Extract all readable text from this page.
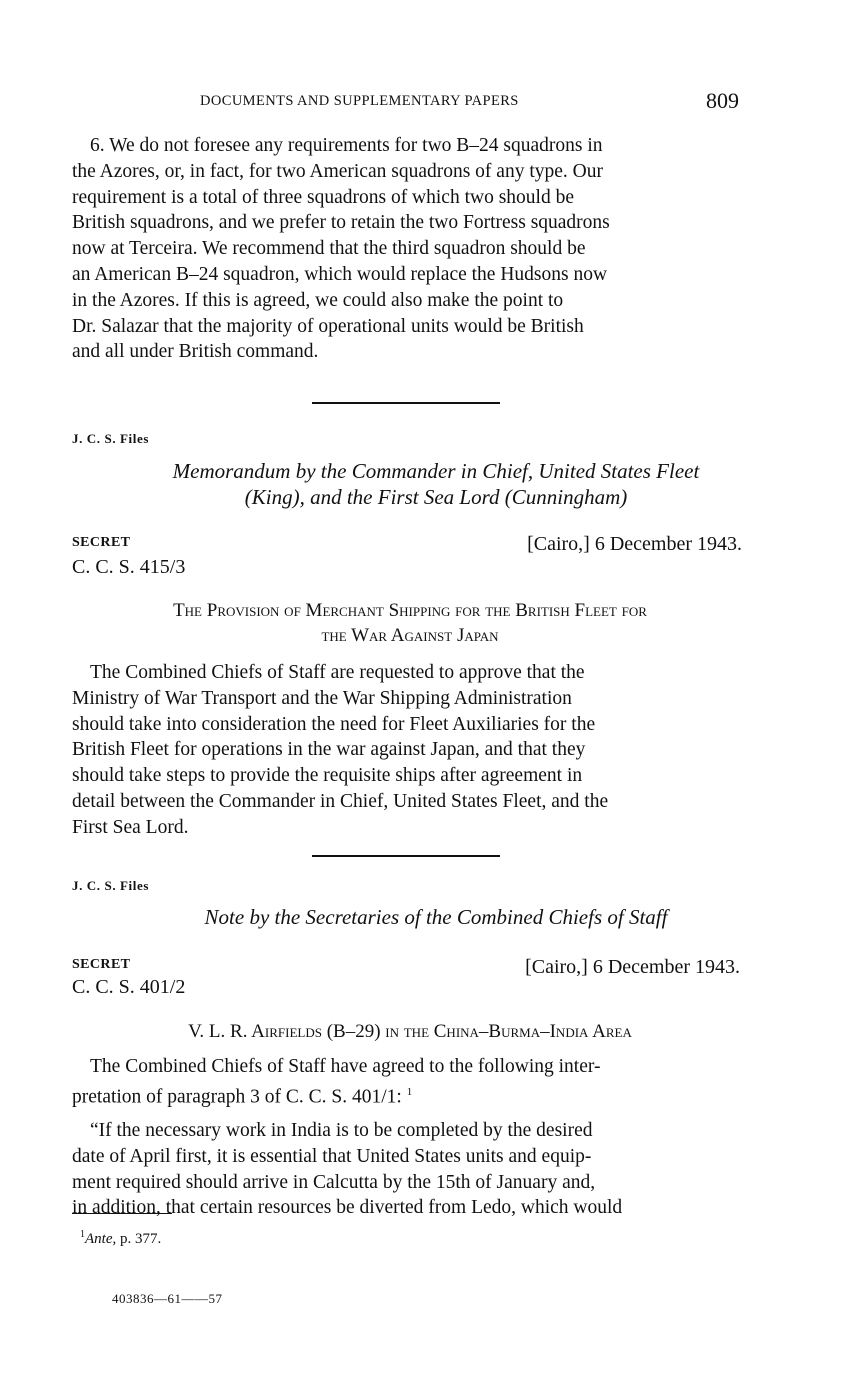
DOCUMENTS AND SUPPLEMENTARY PAPERS	809
6. We do not foresee any requirements for two B–24 squadrons in
the Azores, or, in fact, for two American squadrons of any type. Our
requirement is a total of three squadrons of which two should be
British squadrons, and we prefer to retain the two Fortress squadrons
now at Terceira. We recommend that the third squadron should be
an American B–24 squadron, which would replace the Hudsons now
in the Azores. If this is agreed, we could also make the point to
Dr. Salazar that the majority of operational units would be British
and all under British command.
J. C. S. Files
Memorandum by the Commander in Chief, United States Fleet
(King), and the First Sea Lord (Cunningham)
SECRET	[Cairo,] 6 December 1943.
C. C. S. 415/3
The Provision of Merchant Shipping for the British Fleet for
the War Against Japan
The Combined Chiefs of Staff are requested to approve that the
Ministry of War Transport and the War Shipping Administration
should take into consideration the need for Fleet Auxiliaries for the
British Fleet for operations in the war against Japan, and that they
should take steps to provide the requisite ships after agreement in
detail between the Commander in Chief, United States Fleet, and the
First Sea Lord.
J. C. S. Files
Note by the Secretaries of the Combined Chiefs of Staff
SECRET	[Cairo,] 6 December 1943.
C. C. S. 401/2
V. L. R. Airfields (B–29) in the China–Burma–India Area
The Combined Chiefs of Staff have agreed to the following inter-
pretation of paragraph 3 of C. C. S. 401/1: $^1$
“If the necessary work in India is to be completed by the desired
date of April first, it is essential that United States units and equip-
ment required should arrive in Calcutta by the 15th of January and,
in addition, that certain resources be diverted from Ledo, which would
$^1$Ante, p. 377.
403836—61——57
